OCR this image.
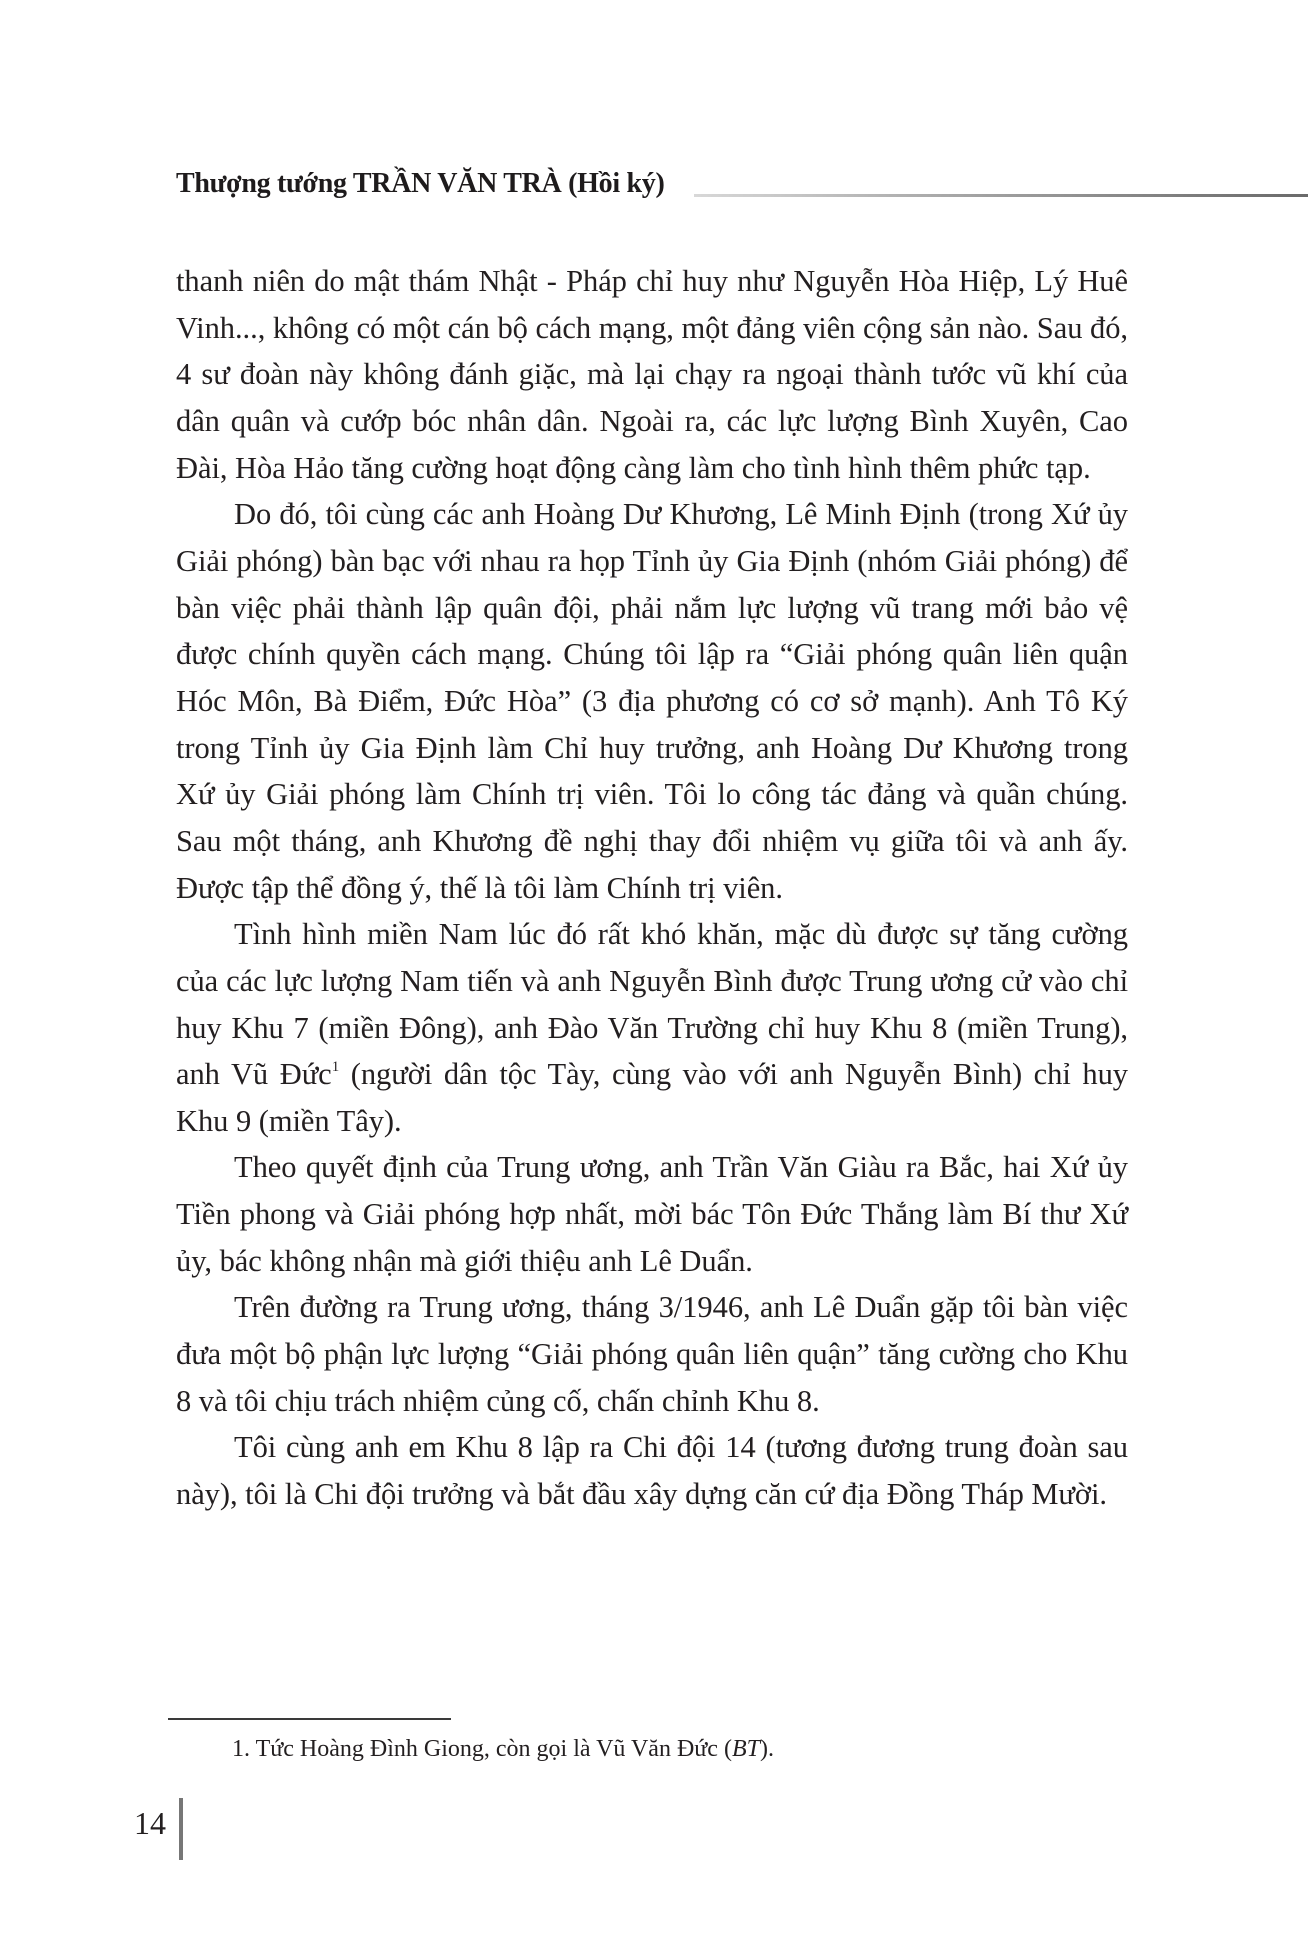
Thượng tướng TRẦN VĂN TRÀ (Hồi ký)

thanh niên do mật thám Nhật - Pháp chỉ huy như Nguyễn Hòa Hiệp, Lý Huê Vinh..., không có một cán bộ cách mạng, một đảng viên cộng sản nào. Sau đó, 4 sư đoàn này không đánh giặc, mà lại chạy ra ngoại thành tước vũ khí của dân quân và cướp bóc nhân dân. Ngoài ra, các lực lượng Bình Xuyên, Cao Đài, Hòa Hảo tăng cường hoạt động càng làm cho tình hình thêm phức tạp.

Do đó, tôi cùng các anh Hoàng Dư Khương, Lê Minh Định (trong Xứ ủy Giải phóng) bàn bạc với nhau ra họp Tỉnh ủy Gia Định (nhóm Giải phóng) để bàn việc phải thành lập quân đội, phải nắm lực lượng vũ trang mới bảo vệ được chính quyền cách mạng. Chúng tôi lập ra “Giải phóng quân liên quận Hóc Môn, Bà Điểm, Đức Hòa” (3 địa phương có cơ sở mạnh). Anh Tô Ký trong Tỉnh ủy Gia Định làm Chỉ huy trưởng, anh Hoàng Dư Khương trong Xứ ủy Giải phóng làm Chính trị viên. Tôi lo công tác đảng và quần chúng. Sau một tháng, anh Khương đề nghị thay đổi nhiệm vụ giữa tôi và anh ấy. Được tập thể đồng ý, thế là tôi làm Chính trị viên.

Tình hình miền Nam lúc đó rất khó khăn, mặc dù được sự tăng cường của các lực lượng Nam tiến và anh Nguyễn Bình được Trung ương cử vào chỉ huy Khu 7 (miền Đông), anh Đào Văn Trường chỉ huy Khu 8 (miền Trung), anh Vũ Đức$^1$ (người dân tộc Tày, cùng vào với anh Nguyễn Bình) chỉ huy Khu 9 (miền Tây).

Theo quyết định của Trung ương, anh Trần Văn Giàu ra Bắc, hai Xứ ủy Tiền phong và Giải phóng hợp nhất, mời bác Tôn Đức Thắng làm Bí thư Xứ ủy, bác không nhận mà giới thiệu anh Lê Duẩn.

Trên đường ra Trung ương, tháng 3/1946, anh Lê Duẩn gặp tôi bàn việc đưa một bộ phận lực lượng “Giải phóng quân liên quận” tăng cường cho Khu 8 và tôi chịu trách nhiệm củng cố, chấn chỉnh Khu 8.

Tôi cùng anh em Khu 8 lập ra Chi đội 14 (tương đương trung đoàn sau này), tôi là Chi đội trưởng và bắt đầu xây dựng căn cứ địa Đồng Tháp Mười.

1. Tức Hoàng Đình Giong, còn gọi là Vũ Văn Đức (BT).
14
